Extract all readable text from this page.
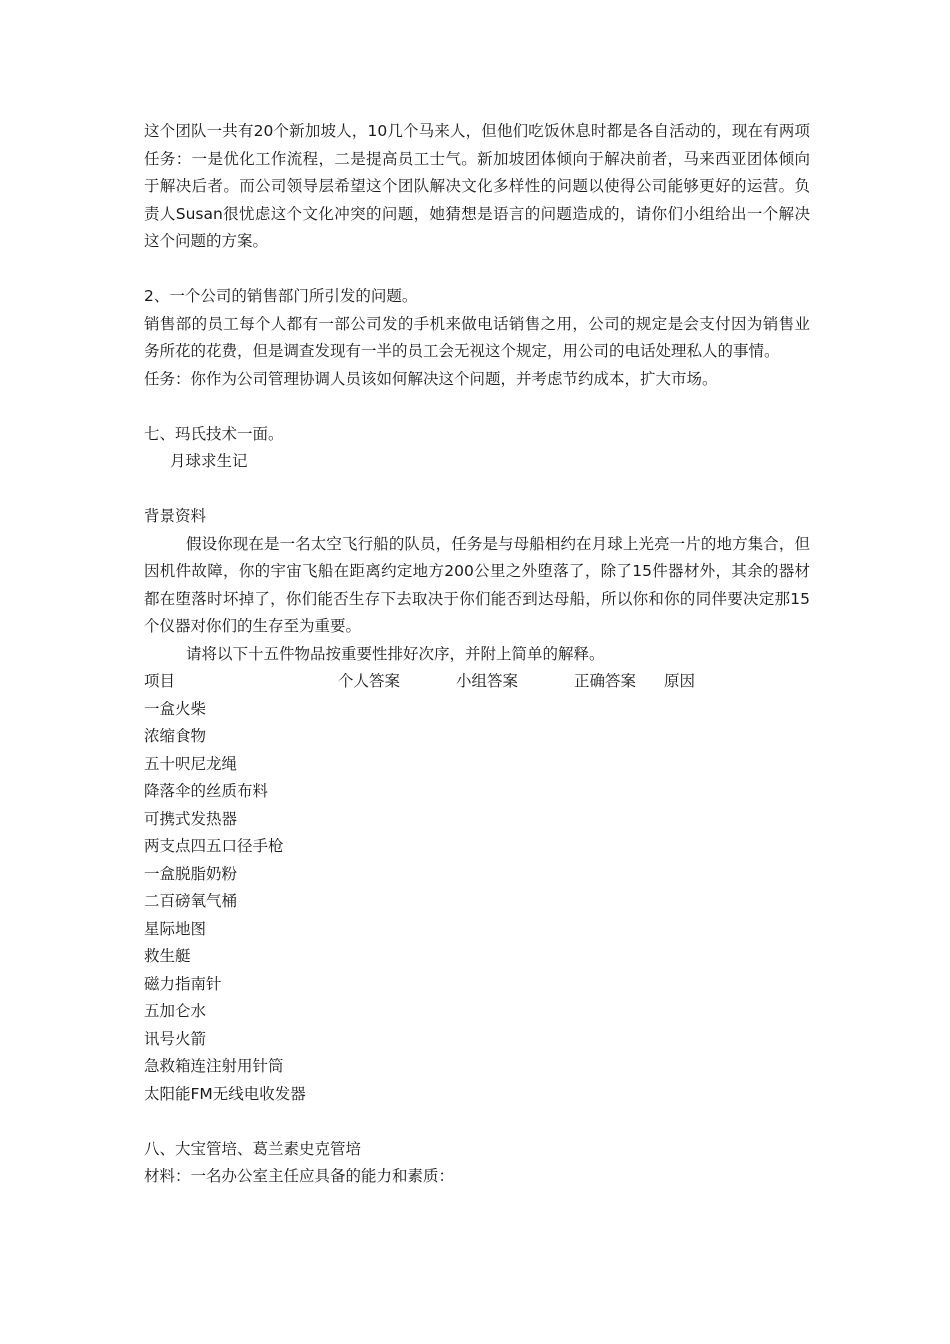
这个团队一共有20个新加坡人，10几个马来人，但他们吃饭休息时都是各自活动的，现在有两项任务：一是优化工作流程，二是提高员工士气。新加坡团体倾向于解决前者，马来西亚团体倾向于解决后者。而公司领导层希望这个团队解决文化多样性的问题以使得公司能够更好的运营。负责人Susan很忧虑这个文化冲突的问题，她猜想是语言的问题造成的，请你们小组给出一个解决这个问题的方案。

2、一个公司的销售部门所引发的问题。

销售部的员工每个人都有一部公司发的手机来做电话销售之用，公司的规定是会支付因为销售业务所花的花费，但是调查发现有一半的员工会无视这个规定，用公司的电话处理私人的事情。

任务：你作为公司管理协调人员该如何解决这个问题，并考虑节约成本，扩大市场。

七、玛氏技术一面。

月球求生记

背景资料

假设你现在是一名太空飞行船的队员，任务是与母船相约在月球上光亮一片的地方集合，但因机件故障，你的宇宙飞船在距离约定地方200公里之外堕落了，除了15件器材外，其余的器材都在堕落时坏掉了，你们能否生存下去取决于你们能否到达母船，所以你和你的同伴要决定那15个仪器对你们的生存至为重要。

请将以下十五件物品按重要性排好次序，并附上简单的解释。

项目	个人答案	小组答案	正确答案	原因

一盒火柴

浓缩食物

五十呎尼龙绳

降落伞的丝质布料

可携式发热器

两支点四五口径手枪

一盒脱脂奶粉

二百磅氧气桶

星际地图

救生艇

磁力指南针

五加仑水

讯号火箭

急救箱连注射用针筒

太阳能FM无线电收发器

八、大宝管培、葛兰素史克管培

材料：一名办公室主任应具备的能力和素质：
